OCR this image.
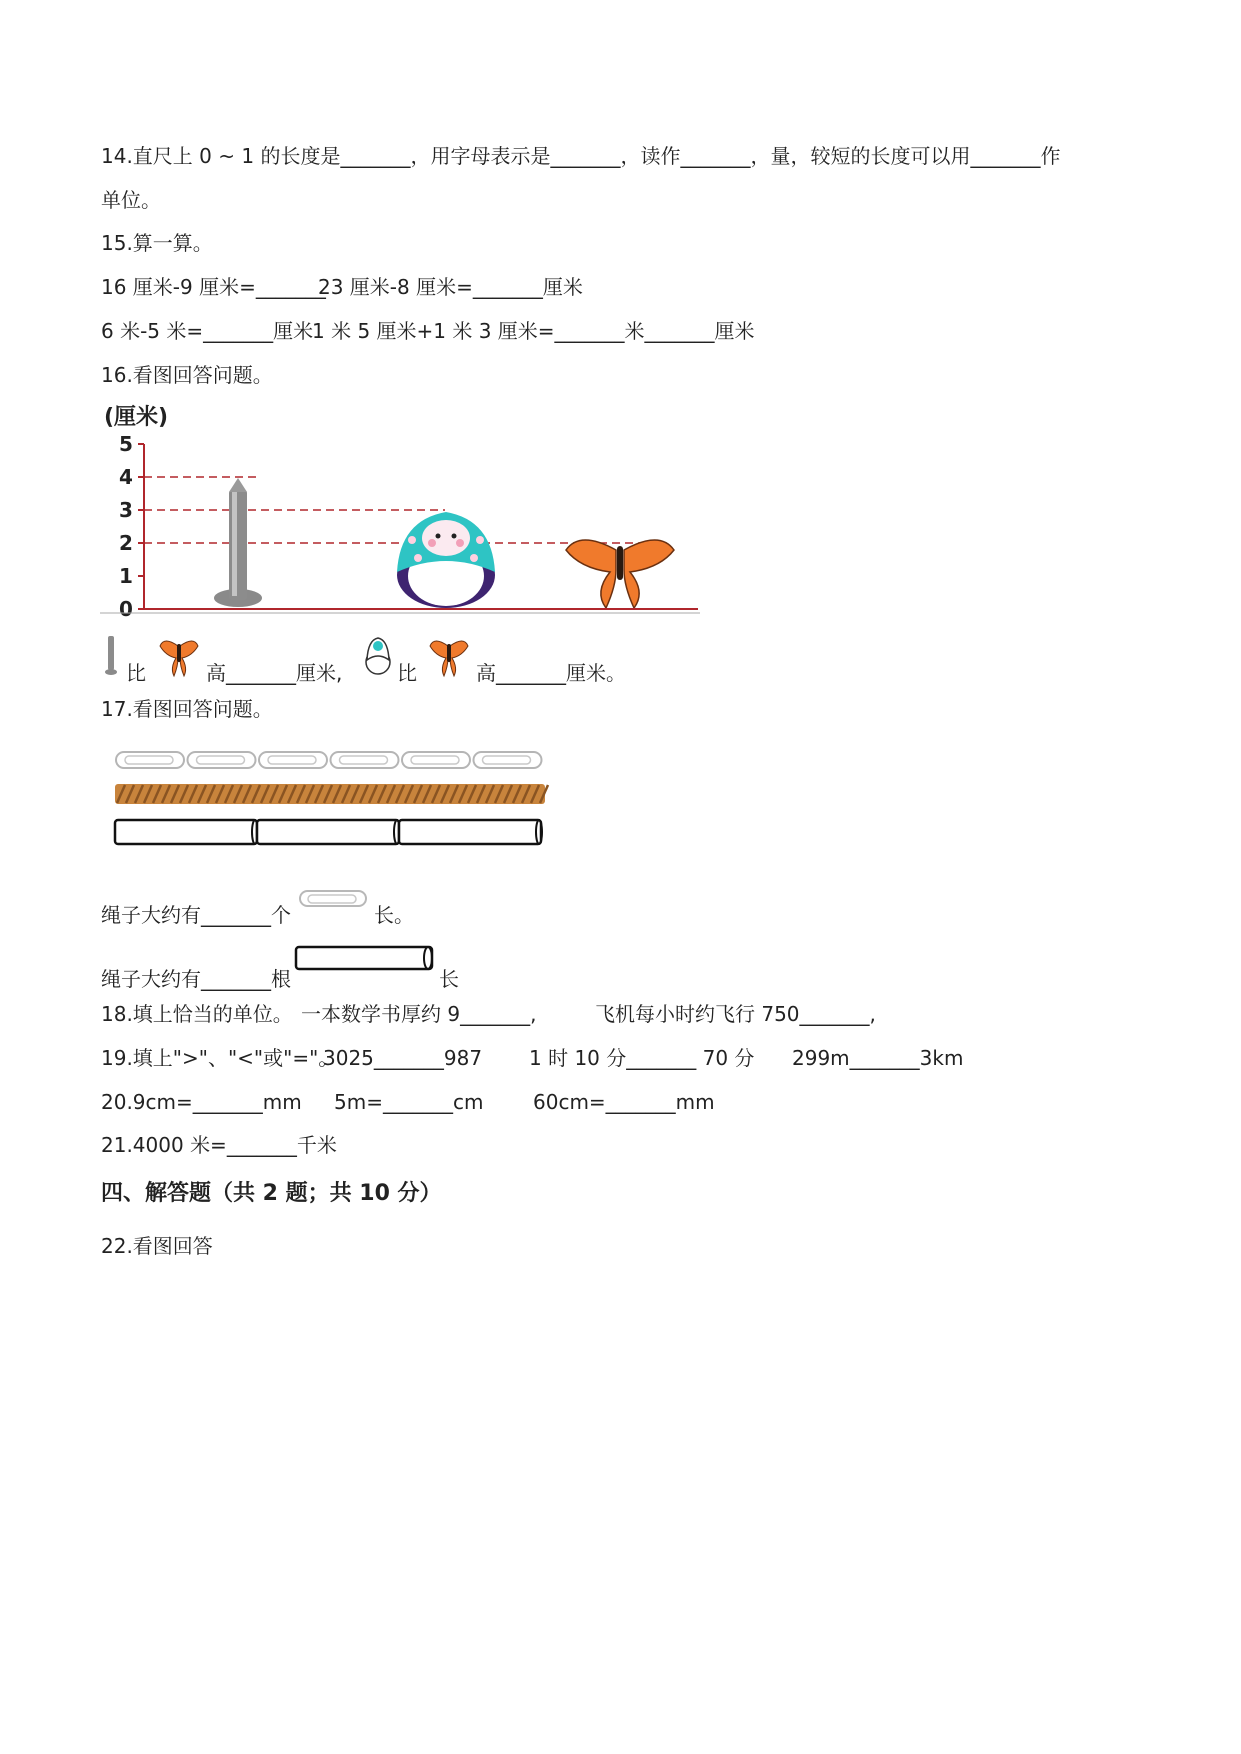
14.直尺上 0 ~ 1 的长度是_______，用字母表示是_______，读作_______，量，较短的长度可以用_______作
单位。
15.算一算。
16 厘米-9 厘米=_______
23 厘米-8 厘米=_______厘米
6 米-5 米=_______厘米
1 米 5 厘米+1 米 3 厘米=_______米_______厘米
16.看图回答问题。
(厘米)
0
1
2
3
4
5
比	高_______厘米,	比	高_______厘米。
17.看图回答问题。
绳子大约有_______个	长。
绳子大约有_______根	长
18.填上恰当的单位。 一本数学书厚约 9_______,	飞机每小时约飞行 750_______,
19.填上">"、"<"或"="。
3025_______987 1 时 10 分_______ 70 分 299m_______3km
20.9cm=_______mm 5m=_______cm 60cm=_______mm
21.4000 米=_______千米
四、解答题（共 2 题；共 10 分）
22.看图回答
